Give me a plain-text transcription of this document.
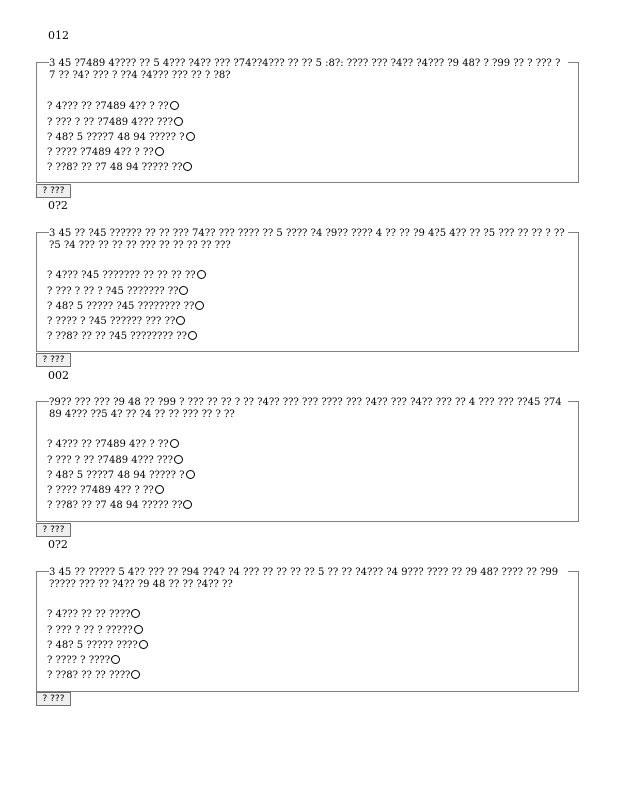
012
3 45 ?7489 4???? ?? 5 4??? ?4?? ??? ?74??4??? ?? ?? 5 :8?: ???? ??? ?4?? ?4??? ?9 48? ? ?99 ?? ? ??? ? 7 ?? ?4? ??? ? ??4 ?4??? ??? ?? ? ?8?
? 4??? ?? ?7489 4?? ? ??
? ??? ? ?? ?7489 4??? ???
? 48? 5 ????7 48 94 ????? ?
? ???? ?7489 4?? ? ??
? ??8? ?? ?7 48 94 ????? ??
? ???
0?2
3 45 ?? ?45 ?????? ?? ?? ??? 74?? ??? ???? ?? 5 ???? ?4 ?9?? ???? 4 ?? ?? ?9 4?5 4?? ?? ?5 ??? ?? ?? ? ?? ?5 ?4 ??? ?? ?? ?? ??? ?? ?? ?? ?? ???
? 4??? ?45 ??????? ?? ?? ?? ??
? ??? ? ?? ? ?45 ??????? ??
? 48? 5 ????? ?45 ???????? ??
? ???? ? ?45 ?????? ??? ??
? ??8? ?? ?? ?45 ???????? ??
? ???
002
?9?? ??? ??? ?9 48 ?? ?99 ? ??? ?? ?? ? ?? ?4?? ??? ??? ???? ??? ?4?? ??? ?4?? ??? ?? 4 ??? ??? ??45 ?7489 4??? ??5 4? ?? ?4 ?? ?? ??? ?? ? ??
? 4??? ?? ?7489 4?? ? ??
? ??? ? ?? ?7489 4??? ???
? 48? 5 ????7 48 94 ????? ?
? ???? ?7489 4?? ? ??
? ??8? ?? ?7 48 94 ????? ??
? ???
0?2
3 45 ?? ????? 5 4?? ??? ?? ?94 ??4? ?4 ??? ?? ?? ?? ?? 5 ?? ?? ?4??? ?4 9??? ???? ?? ?9 48? ???? ?? ?99 ????? ??? ?? ?4?? ?9 48 ?? ?? ?4?? ??
? 4??? ?? ?? ????
? ??? ? ?? ? ?????
? 48? 5 ????? ????
? ???? ? ????
? ??8? ?? ?? ????
? ???
